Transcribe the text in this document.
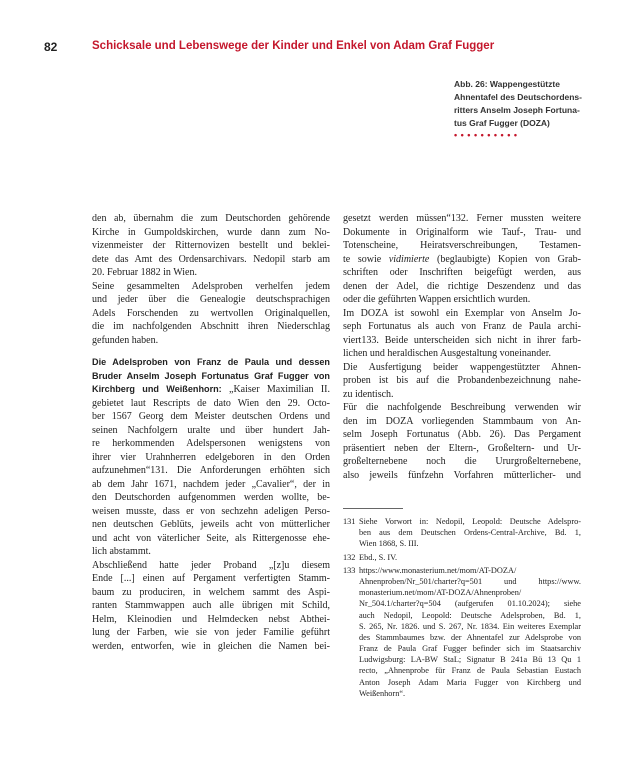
82	Schicksale und Lebenswege der Kinder und Enkel von Adam Graf Fugger
Abb. 26: Wappengestützte
Ahnentafel des Deutschordens-
ritters Anselm Joseph Fortuna-
tus Graf Fugger (DOZA)
••••••••••
den ab, übernahm die zum Deutschorden gehörende
Kirche in Gumpoldskirchen, wurde dann zum No-
vizenmeister der Ritternovizen bestellt und beklei-
dete das Amt des Ordensarchivars. Nedopil starb am
20. Februar 1882 in Wien.
Seine gesammelten Adelsproben verhelfen jedem
und jeder über die Genealogie deutschsprachigen
Adels Forschenden zu wertvollen Originalquellen,
die im nachfolgenden Abschnitt ihren Niederschlag
gefunden haben.
Die Adelsproben von Franz de Paula und dessen
Bruder Anselm Joseph Fortunatus Graf Fugger von
Kirchberg und Weißenhorn: „Kaiser Maximilian II.
gebietet laut Rescripts de dato Wien den 29. Octo-
ber 1567 Georg dem Meister deutschen Ordens und
seinen Nachfolgern uralte und über hundert Jah-
re herkommenden Adelspersonen wenigstens von
ihrer vier Urahnherren edelgeboren in den Orden
aufzunehmen“131. Die Anforderungen erhöhten sich
ab dem Jahr 1671, nachdem jeder „Cavalier“, der in
den Deutschorden aufgenommen werden wollte, be-
weisen musste, dass er von sechzehn adeligen Perso-
nen deutschen Geblüts, jeweils acht von mütterlicher
und acht von väterlicher Seite, als Rittergenosse ehe-
lich abstammt.
Abschließend hatte jeder Proband „[z]u diesem
Ende [...] einen auf Pergament verfertigten Stamm-
baum zu produciren, in welchem sammt des Aspi-
ranten Stammwappen auch alle übrigen mit Schild,
Helm, Kleinodien und Helmdecken nebst Abthei-
lung der Farben, wie sie von jeder Familie geführt
werden, entworfen, wie in gleichen die Namen bei-
gesetzt werden müssen“132. Ferner mussten weitere
Dokumente in Originalform wie Tauf-, Trau- und
Totenscheine, Heiratsverschreibungen, Testamen-
te sowie vidimierte (beglaubigte) Kopien von Grab-
schriften oder Inschriften beigefügt werden, aus
denen der Adel, die richtige Deszendenz und das
oder die geführten Wappen ersichtlich wurden.
Im DOZA ist sowohl ein Exemplar von Anselm Jo-
seph Fortunatus als auch von Franz de Paula archi-
viert133. Beide unterscheiden sich nicht in ihrer farb-
lichen und heraldischen Ausgestaltung voneinander.
Die Ausfertigung beider wappengestützter Ahnen-
proben ist bis auf die Probandenbezeichnung nahe-
zu identisch.
Für die nachfolgende Beschreibung verwenden wir
den im DOZA vorliegenden Stammbaum von An-
selm Joseph Fortunatus (Abb. 26). Das Pergament
präsentiert neben der Eltern-, Großeltern- und Ur-
großelternebene noch die Ururgroßelternebene,
also jeweils fünfzehn Vorfahren mütterlicher- und
131 Siehe Vorwort in: Nedopil, Leopold: Deutsche Adelspro-
ben aus dem Deutschen Ordens-Central-Archive, Bd. 1,
Wien 1868, S. III.
132 Ebd., S. IV.
133 https://www.monasterium.net/mom/AT-DOZA/
Ahnenproben/Nr_501/charter?q=501 und https://www.
monasterium.net/mom/AT-DOZA/Ahnenproben/
Nr_504.1/charter?q=504 (aufgerufen 01.10.2024); siehe
auch Nedopil, Leopold: Deutsche Adelsproben, Bd. 1,
S. 265, Nr. 1826. und S. 267, Nr. 1834. Ein weiteres Exemplar
des Stammbaumes bzw. der Ahnentafel zur Adelsprobe von
Franz de Paula Graf Fugger befinder sich im Staatsarchiv
Ludwigsburg: LA-BW StaL; Signatur B 241a Bü 13 Qu 1
recto, „Ahnenprobe für Franz de Paula Sebastian Eustach
Anton Joseph Adam Maria Fugger von Kirchberg und
Weißenhorn“.
